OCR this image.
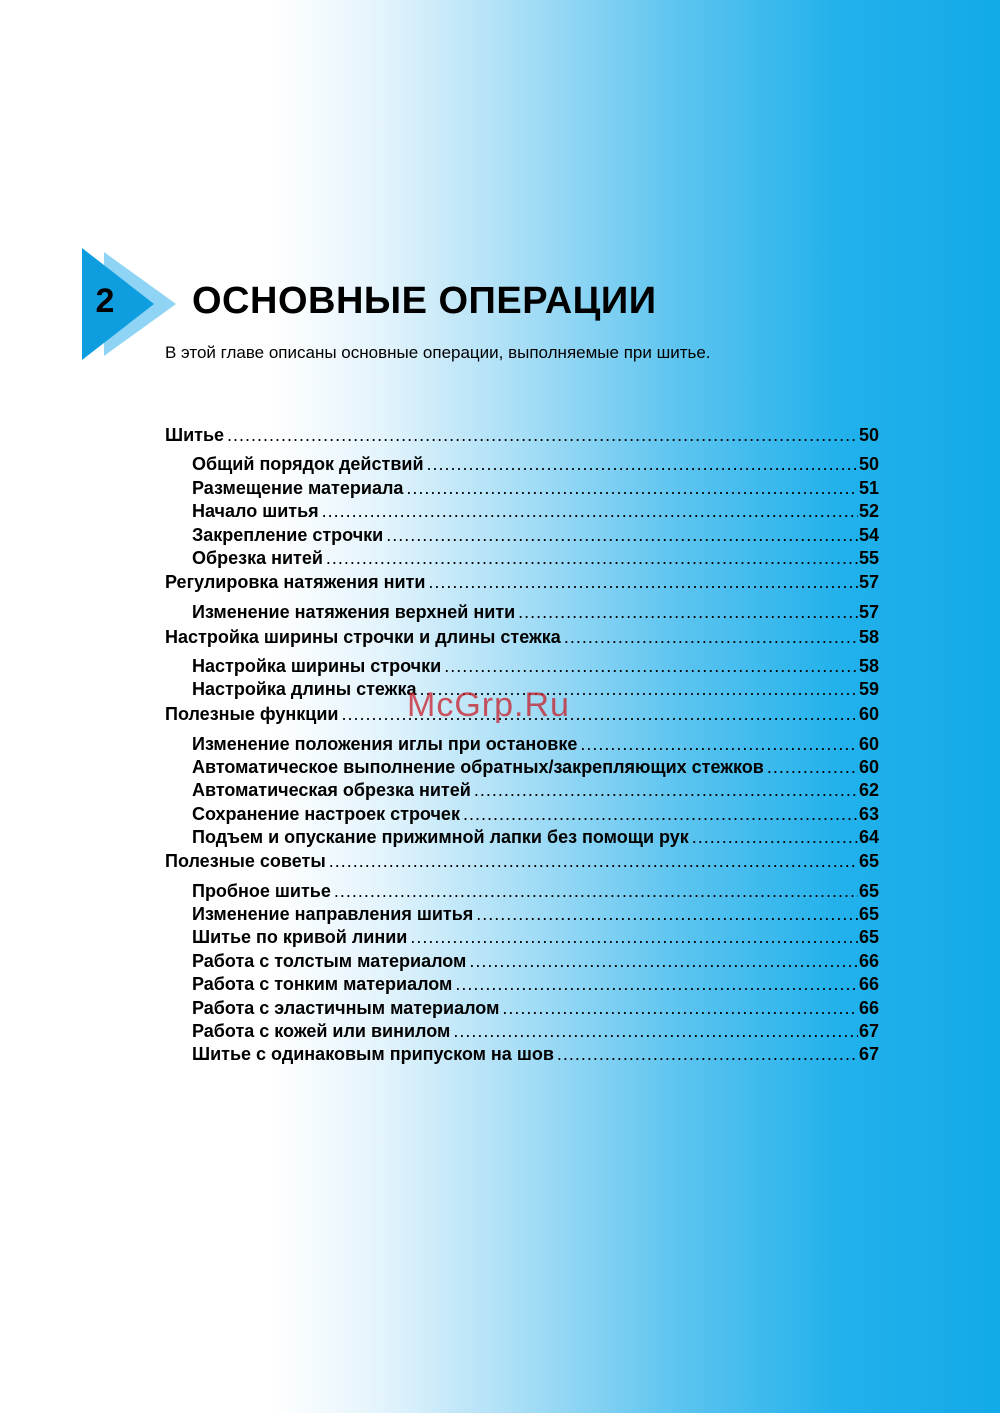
2 ОСНОВНЫЕ ОПЕРАЦИИ
В этой главе описаны основные операции, выполняемые при шитье.
Шитье .....	50
Общий порядок действий .....	50
Размещение материала .....	51
Начало шитья .....	52
Закрепление строчки .....	54
Обрезка нитей .....	55
Регулировка натяжения нити .....	57
Изменение натяжения верхней нити .....	57
Настройка ширины строчки и длины стежка .....	58
Настройка ширины строчки .....	58
Настройка длины стежка .....	59
Полезные функции .....	60
Изменение положения иглы при остановке .....	60
Автоматическое выполнение обратных/закрепляющих стежков .....	60
Автоматическая обрезка нитей .....	62
Сохранение настроек строчек .....	63
Подъем и опускание прижимной лапки без помощи рук .....	64
Полезные советы .....	65
Пробное шитье .....	65
Изменение направления шитья .....	65
Шитье по кривой линии .....	65
Работа с толстым материалом .....	66
Работа с тонким материалом .....	66
Работа с эластичным материалом .....	66
Работа с кожей или винилом .....	67
Шитье с одинаковым припуском на шов .....	67
McGrp.Ru
